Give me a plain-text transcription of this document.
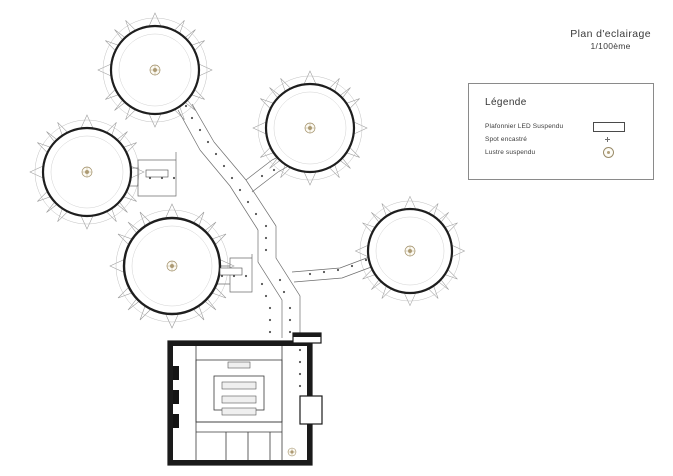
Plan d'eclairage
1/100ème
Légende
Plafonnier LED Suspendu
Spot encastré
Lustre suspendu
